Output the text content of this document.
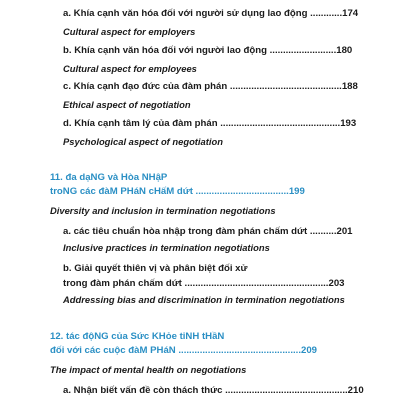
a. Khía cạnh văn hóa đối với người sử dụng lao động ............174
Cultural aspect for employers
b. Khía cạnh văn hóa đối với người lao động .........................180
Cultural aspect for employees
c. Khía cạnh đạo đức của đàm phán ..........................................188
Ethical aspect of negotiation
d. Khía cạnh tâm lý của đàm phán .............................................193
Psychological aspect of negotiation
11. đa dạNG và Hòa NHậP
troNG các đàM PHáN cHấM dứt ...................................199
Diversity and inclusion in termination negotiations
a. các tiêu chuẩn hòa nhập trong đàm phán chấm dứt ..........201
Inclusive practices in termination negotiations
b. Giải quyết thiên vị và phân biệt đối xử
trong đàm phán chấm dứt ......................................................203
Addressing bias and discrimination in termination negotiations
12. tác độNG của Sức KHỏe tiNH tHầN
đối với các cuộc đàM PHáN ..............................................209
The impact of mental health on negotiations
a. Nhận biết vấn đề còn thách thức ..............................................210
